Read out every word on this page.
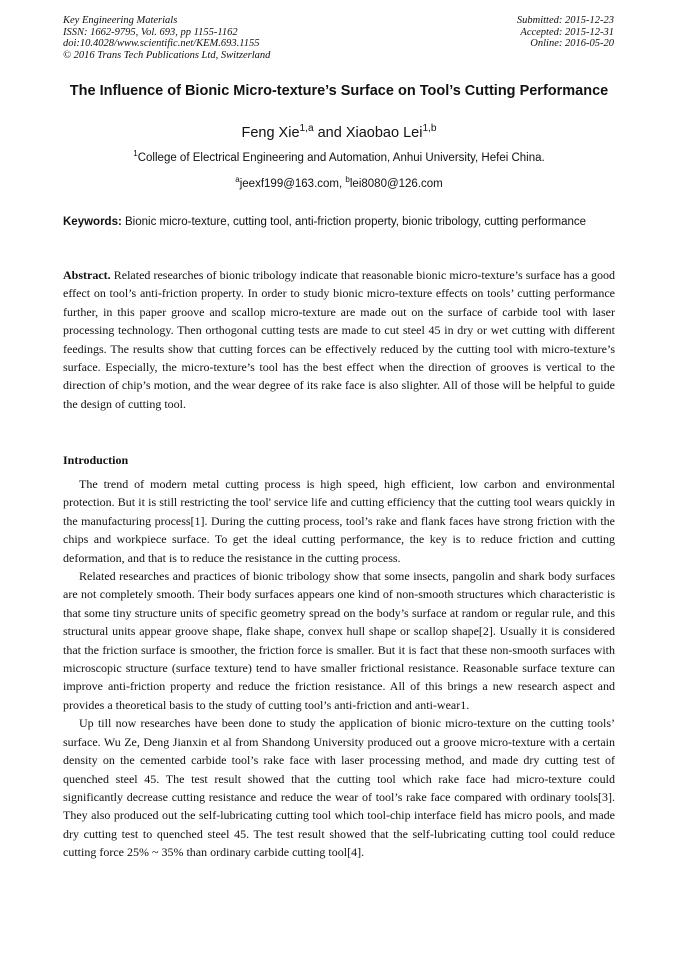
Key Engineering Materials
ISSN: 1662-9795, Vol. 693, pp 1155-1162
doi:10.4028/www.scientific.net/KEM.693.1155
© 2016 Trans Tech Publications Ltd, Switzerland
Submitted: 2015-12-23
Accepted: 2015-12-31
Online: 2016-05-20
The Influence of Bionic Micro-texture’s Surface on Tool’s Cutting Performance
Feng Xie$^{1,a}$ and Xiaobao Lei$^{1,b}$
$^1$College of Electrical Engineering and Automation, Anhui University, Hefei China.
$^a$jeexf199@163.com, $^b$lei8080@126.com
Keywords: Bionic micro-texture, cutting tool, anti-friction property, bionic tribology, cutting performance
Abstract. Related researches of bionic tribology indicate that reasonable bionic micro-texture’s surface has a good effect on tool’s anti-friction property. In order to study bionic micro-texture effects on tools’ cutting performance further, in this paper groove and scallop micro-texture are made out on the surface of carbide tool with laser processing technology. Then orthogonal cutting tests are made to cut steel 45 in dry or wet cutting with different feedings. The results show that cutting forces can be effectively reduced by the cutting tool with micro-texture’s surface. Especially, the micro-texture’s tool has the best effect when the direction of grooves is vertical to the direction of chip’s motion, and the wear degree of its rake face is also slighter. All of those will be helpful to guide the design of cutting tool.
Introduction

The trend of modern metal cutting process is high speed, high efficient, low carbon and environmental protection. But it is still restricting the tool' service life and cutting efficiency that the cutting tool wears quickly in the manufacturing process[1]. During the cutting process, tool’s rake and flank faces have strong friction with the chips and workpiece surface. To get the ideal cutting performance, the key is to reduce friction and cutting deformation, and that is to reduce the resistance in the cutting process.

Related researches and practices of bionic tribology show that some insects, pangolin and shark body surfaces are not completely smooth. Their body surfaces appears one kind of non-smooth structures which characteristic is that some tiny structure units of specific geometry spread on the body’s surface at random or regular rule, and this structural units appear groove shape, flake shape, convex hull shape or scallop shape[2]. Usually it is considered that the friction surface is smoother, the friction force is smaller. But it is fact that these non-smooth surfaces with microscopic structure (surface texture) tend to have smaller frictional resistance. Reasonable surface texture can improve anti-friction property and reduce the friction resistance. All of this brings a new research aspect and provides a theoretical basis to the study of cutting tool’s anti-friction and anti-wear1.

Up till now researches have been done to study the application of bionic micro-texture on the cutting tools’ surface. Wu Ze, Deng Jianxin et al from Shandong University produced out a groove micro-texture with a certain density on the cemented carbide tool’s rake face with laser processing method, and made dry cutting test of quenched steel 45. The test result showed that the cutting tool which rake face had micro-texture could significantly decrease cutting resistance and reduce the wear of tool’s rake face compared with ordinary tools[3]. They also produced out the self-lubricating cutting tool which tool-chip interface field has micro pools, and made dry cutting test to quenched steel 45. The test result showed that the self-lubricating cutting tool could reduce cutting force 25% ~ 35% than ordinary carbide cutting tool[4].
